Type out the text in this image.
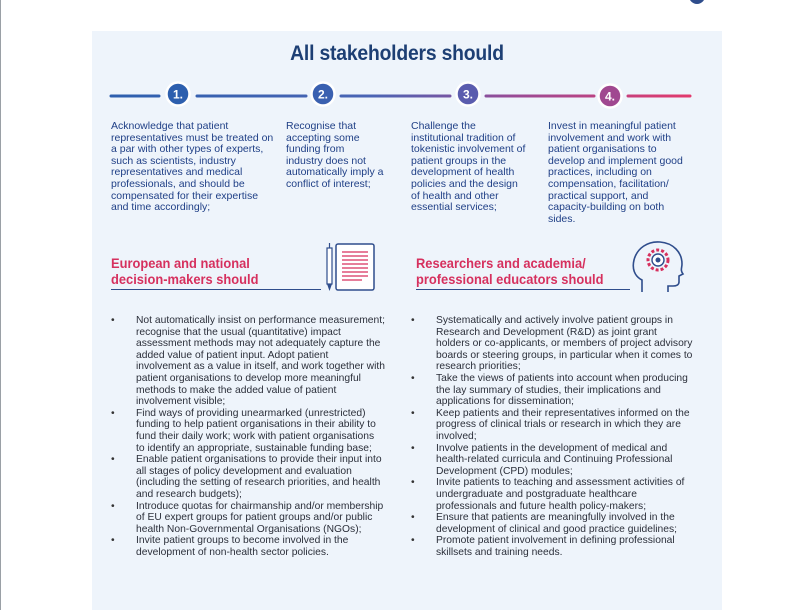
All stakeholders should
1.	2.	3.	4.

Acknowledge that patient representatives must be treated on a par with other types of experts, such as scientists, industry representatives and medical professionals, and should be compensated for their expertise and time accordingly;

Recognise that accepting some funding from industry does not automatically imply a conflict of interest;

Challenge the institutional tradition of tokenistic involvement of patient groups in the development of health policies and the design of health and other essential services;

Invest in meaningful patient involvement and work with patient organisations to develop and implement good practices, including on compensation, facilitation/ practical support, and capacity-building on both sides.

European and national
decision-makers should
Researchers and academia/
professional educators should
• Not automatically insist on performance measurement; recognise that the usual (quantitative) impact assessment methods may not adequately capture the added value of patient input. Adopt patient involvement as a value in itself, and work together with patient organisations to develop more meaningful methods to make the added value of patient involvement visible;
• Find ways of providing unearmarked (unrestricted) funding to help patient organisations in their ability to fund their daily work; work with patient organisations to identify an appropriate, sustainable funding base;
• Enable patient organisations to provide their input into all stages of policy development and evaluation (including the setting of research priorities, and health and research budgets);
• Introduce quotas for chairmanship and/or membership of EU expert groups for patient groups and/or public health Non-Governmental Organisations (NGOs);
• Invite patient groups to become involved in the development of non-health sector policies.
• Systematically and actively involve patient groups in Research and Development (R&D) as joint grant holders or co-applicants, or members of project advisory boards or steering groups, in particular when it comes to research priorities;
• Take the views of patients into account when producing the lay summary of studies, their implications and applications for dissemination;
• Keep patients and their representatives informed on the progress of clinical trials or research in which they are involved;
• Involve patients in the development of medical and health-related curricula and Continuing Professional Development (CPD) modules;
• Invite patients to teaching and assessment activities of undergraduate and postgraduate healthcare professionals and future health policy-makers;
• Ensure that patients are meaningfully involved in the development of clinical and good practice guidelines;
• Promote patient involvement in defining professional skillsets and training needs.
